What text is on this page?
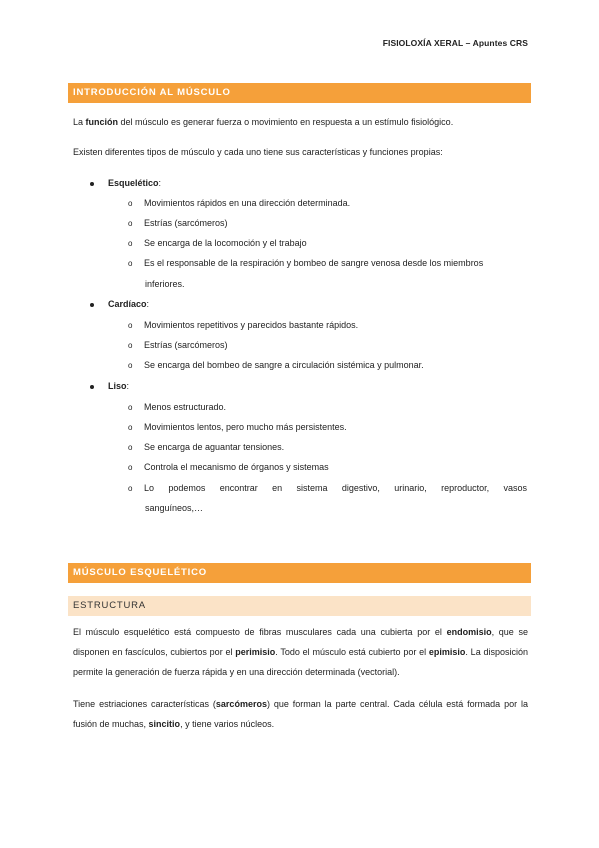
FISIOLOXÍA XERAL – Apuntes CRS
INTRODUCCIÓN AL MÚSCULO
La función del músculo es generar fuerza o movimiento en respuesta a un estímulo fisiológico.
Existen diferentes tipos de músculo y cada uno tiene sus características y funciones propias:
Esquelético:
o Movimientos rápidos en una dirección determinada.
o Estrías (sarcómeros)
o Se encarga de la locomoción y el trabajo
o Es el responsable de la respiración y bombeo de sangre venosa desde los miembros
inferiores.
Cardíaco:
o Movimientos repetitivos y parecidos bastante rápidos.
o Estrías (sarcómeros)
o Se encarga del bombeo de sangre a circulación sistémica y pulmonar.
Liso:
o Menos estructurado.
o Movimientos lentos, pero mucho más persistentes.
o Se encarga de aguantar tensiones.
o Controla el mecanismo de órganos y sistemas
o Lo podemos encontrar en sistema digestivo, urinario, reproductor, vasos
sanguíneos,…
MÚSCULO ESQUELÉTICO
ESTRUCTURA
El músculo esquelético está compuesto de fibras musculares cada una cubierta por el endomisio, que se disponen en fascículos, cubiertos por el perimisio. Todo el músculo está cubierto por el epimisio. La disposición permite la generación de fuerza rápida y en una dirección determinada (vectorial).
Tiene estriaciones características (sarcómeros) que forman la parte central. Cada célula está formada por la fusión de muchas, sincitio, y tiene varios núcleos.
